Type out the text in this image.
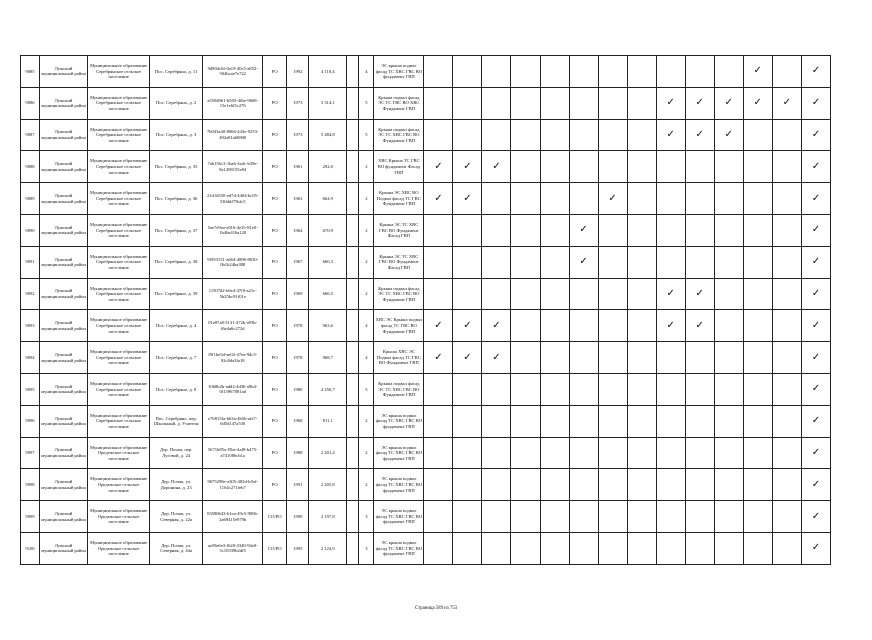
9085	Лужский муниципальный район	Муниципальное образование Серебрянское сельское поселение	Пос. Серебряно, д. 11	9d904c6f-0a19-40c5-a852-504bcae7e722	РО	1992	4 110,4		4	ЭС крыша подвал фасад ТС ХВС ГВС ВО фундамент ГВП												✓		✓
9086	Лужский муниципальный район	Муниципальное образование Серебрянское сельское поселение	Пос. Серебряно, д. 2	a550d961-b503-4fbe-9668-15e1e6f5c276	РО	1973	3 314,1		5	Крыша подвал фасад ЭС ТС ГВС ВО ХВС Фундамент ГВП									✓	✓	✓	✓	✓	✓
9087	Лужский муниципальный район	Муниципальное образование Серебрянское сельское поселение	Пос. Серебряно, д. 3	7b043a40-8066-443e-9253-492a81a60800	РО	1973	5 484,8		5	Крыша подвал фасад ЭС ТС ХВС ГВС ВО Фундамент ГВП									✓	✓	✓			✓
9088	Лужский муниципальный район	Муниципальное образование Серебрянское сельское поселение	Пос. Серебряно, д. 35	7ab156c3-1ba6-4a4c-b39e-8e1208155e84	РО	1961	292,0		2	ХВС Крыша ТС ГВС ВО фундамент Фасад ГВП	✓	✓	✓											✓
9089	Лужский муниципальный район	Муниципальное образование Серебрянское сельское поселение	Пос. Серебряно, д. 36	21d1d550-ed7d-4404-bc05-530ddf75bfc5	РО	1963	664,9		2	Крыша ЭС ХВС ВО Подвал фасад ТС ГВС Фундамент ГВП	✓	✓					✓							✓
9090	Лужский муниципальный район	Муниципальное образование Серебрянское сельское поселение	Пос. Серебряно, д. 37	5ae7e9ea-a916-4e35-81e0-1b46e416a120	РО	1964	670,9		2	Крыша ЭС ТС ХВС ГВС ВО Фундамент Фасад ГВП						✓								✓
9091	Лужский муниципальный район	Муниципальное образование Серебрянское сельское поселение	Пос. Серебряно, д. 38	9f593151-a664-4896-8030-0b1b24ba388	РО	1967	660,3		2	Крыша ЭС ТС ХВС ГВС ВО Фундамент Фасад ГВП						✓								✓
9092	Лужский муниципальный район	Муниципальное образование Серебрянское сельское поселение	Пос. Серебряно, д. 39	11507d2-b6e4-47f0-a21c-5b25bc91f01e	РО	1969	666,5		2	Крыша подвал фасад ЭС ТС ХВС ГВС ВО Фундамент ГВП									✓	✓				✓
9093	Лужский муниципальный район	Муниципальное образование Серебрянское сельское поселение	Пос. Серебряно, д. 4	01e87a8-3131-472b-a93b-f6e4a6c272d	РО	1978	963,6		4	ХВС ЭС Крыша подвал фасад ТС ГВС ВО Фундамент ГВП	✓	✓	✓						✓	✓				✓
9094	Лужский муниципальный район	Муниципальное образование Серебрянское сельское поселение	Пос. Серебряно, д. 7	f9f1be5d-ae02-47ea-9dc5-92c8da3fa18	РО	1978	968,7		4	Крыша ХВС ЭС Подвал фасад ТС ГВС ВО Фундамент ГВП	✓	✓	✓											✓
9095	Лужский муниципальный район	Муниципальное образование Серебрянское сельское поселение	Пос. Серебряно, д. 8	10b8b2b-add2-4d36-a9b4-0f13967081ad	РО	1980	4 256,7		5	Крыша подвал фасад ЭС ТС ХВС ГВС ВО Фундамент ГВП														✓
9096	Лужский муниципальный район	Муниципальное образование Серебрянское сельское поселение	Пос. Серебряно, пер. Школьный, д. Учителя	e76815fa-b63a-4b5b-afe7-6d5d147a530	РО	1968	811,1		2	ЭС крыша подвал фасад ТС ХВС ГВС ВО фундамент ГВП														✓
9097	Лужский муниципальный район	Муниципальное образование Оредежское сельское поселение	Дер. Почап, пер. Луговой, д. 24	5671b85a-f5be-4af8-b475-a741086cb1a	РО	1988	2 201,4		2	ЭС крыша подвал фасад ТС ХВС ГВС ВО фундамент ГВП														✓
9098	Лужский муниципальный район	Муниципальное образование Оредежское сельское поселение	Дер. Почап, ул. Доронина, д. 23	9675298e-a305-482d-b5ef-1164c271feb7	РО	1991	2 205,8		2	ЭС крыша подвал фасад ТС ХВС ГВС ВО фундамент ГВП														✓
9099	Лужский муниципальный район	Муниципальное образование Оредежское сельское поселение	Дер. Почап, ул. Северная, д. 22а	03580643-b1ea-49c5-900b-2a69415e979b	СО/РО	1990	2 197,8		3	ЭС крыша подвал фасад ТС ХВС ГВС ВО фундамент ГВП														✓
9100	Лужский муниципальный район	Муниципальное образование Оредежское сельское поселение	Дер. Почап, ул. Северная, д. 44а	ae59a6e3-f620-4340-94e0-5c10339b2df5	СО/РО	1995	2 124,9		3	ЭС крыша подвал фасад ТС ХВС ГВС ВО фундамент ГВП														✓
Страница 589 из 753
